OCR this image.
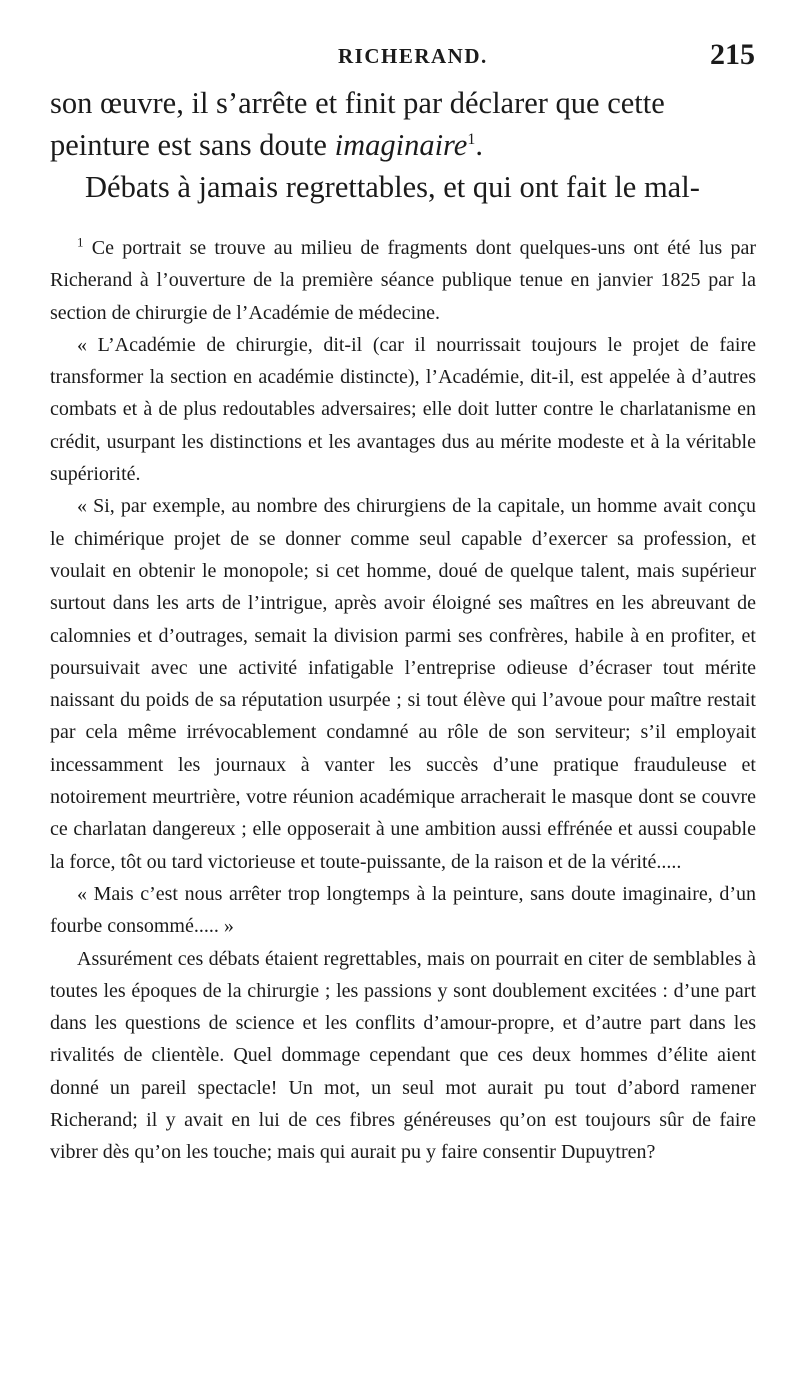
RICHERAND.	215
son œuvre, il s’arrête et finit par déclarer que cette
peinture est sans doute imaginaire$^1$.
Débats à jamais regrettables, et qui ont fait le mal-

$^1$ Ce portrait se trouve au milieu de fragments dont quelques-uns ont été lus par Richerand à l’ouverture de la première séance publique tenue en janvier 1825 par la section de chirurgie de l’Académie de médecine.

« L’Académie de chirurgie, dit-il (car il nourrissait toujours le projet de faire transformer la section en académie distincte), l’Académie, dit-il, est appelée à d’autres combats et à de plus redoutables adversaires; elle doit lutter contre le charlatanisme en crédit, usurpant les distinctions et les avantages dus au mérite modeste et à la véritable supériorité.

« Si, par exemple, au nombre des chirurgiens de la capitale, un homme avait conçu le chimérique projet de se donner comme seul capable d’exercer sa profession, et voulait en obtenir le monopole; si cet homme, doué de quelque talent, mais supérieur surtout dans les arts de l’intrigue, après avoir éloigné ses maîtres en les abreuvant de calomnies et d’outrages, semait la division parmi ses confrères, habile à en profiter, et poursuivait avec une activité infatigable l’entreprise odieuse d’écraser tout mérite naissant du poids de sa réputation usurpée ; si tout élève qui l’avoue pour maître restait par cela même irrévocablement condamné au rôle de son serviteur; s’il employait incessamment les journaux à vanter les succès d’une pratique frauduleuse et notoirement meurtrière, votre réunion académique arracherait le masque dont se couvre ce charlatan dangereux ; elle opposerait à une ambition aussi effrénée et aussi coupable la force, tôt ou tard victorieuse et toute-puissante, de la raison et de la vérité.....

« Mais c’est nous arrêter trop longtemps à la peinture, sans doute imaginaire, d’un fourbe consommé..... »

Assurément ces débats étaient regrettables, mais on pourrait en citer de semblables à toutes les époques de la chirurgie ; les passions y sont doublement excitées : d’une part dans les questions de science et les conflits d’amour-propre, et d’autre part dans les rivalités de clientèle. Quel dommage cependant que ces deux hommes d’élite aient donné un pareil spectacle! Un mot, un seul mot aurait pu tout d’abord ramener Richerand; il y avait en lui de ces fibres généreuses qu’on est toujours sûr de faire vibrer dès qu’on les touche; mais qui aurait pu y faire consentir Dupuytren?
